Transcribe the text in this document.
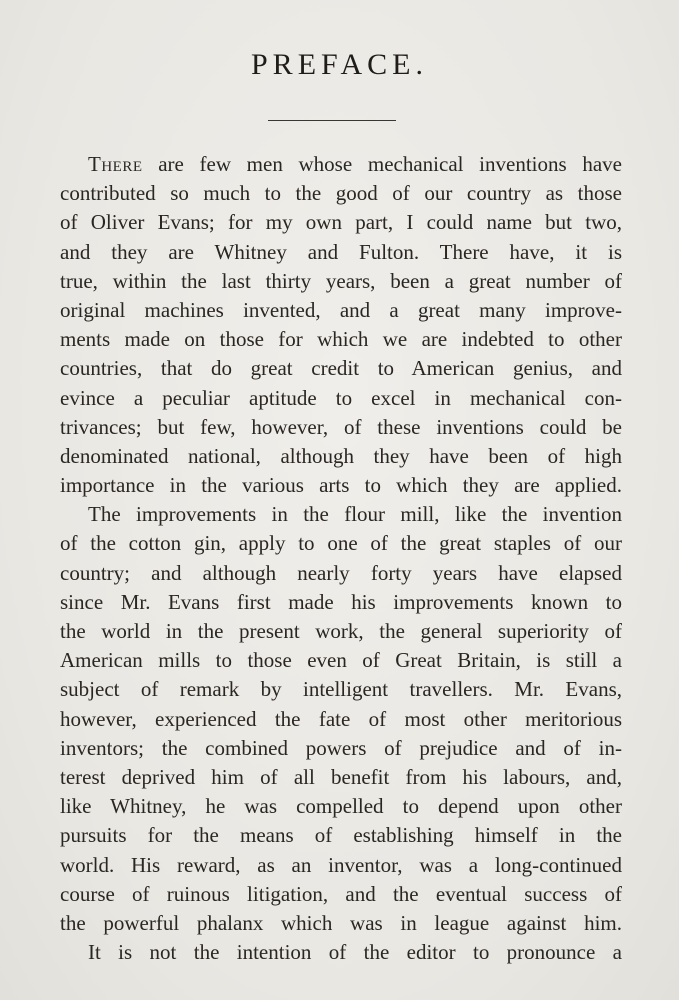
PREFACE.
There are few men whose mechanical inventions have
contributed so much to the good of our country as those
of Oliver Evans; for my own part, I could name but two,
and they are Whitney and Fulton. There have, it is
true, within the last thirty years, been a great number of
original machines invented, and a great many improve-
ments made on those for which we are indebted to other
countries, that do great credit to American genius, and
evince a peculiar aptitude to excel in mechanical con-
trivances; but few, however, of these inventions could be
denominated national, although they have been of high
importance in the various arts to which they are applied.
The improvements in the flour mill, like the invention
of the cotton gin, apply to one of the great staples of our
country; and although nearly forty years have elapsed
since Mr. Evans first made his improvements known to
the world in the present work, the general superiority of
American mills to those even of Great Britain, is still a
subject of remark by intelligent travellers. Mr. Evans,
however, experienced the fate of most other meritorious
inventors; the combined powers of prejudice and of in-
terest deprived him of all benefit from his labours, and,
like Whitney, he was compelled to depend upon other
pursuits for the means of establishing himself in the
world. His reward, as an inventor, was a long-continued
course of ruinous litigation, and the eventual success of
the powerful phalanx which was in league against him.
It is not the intention of the editor to pronounce a
